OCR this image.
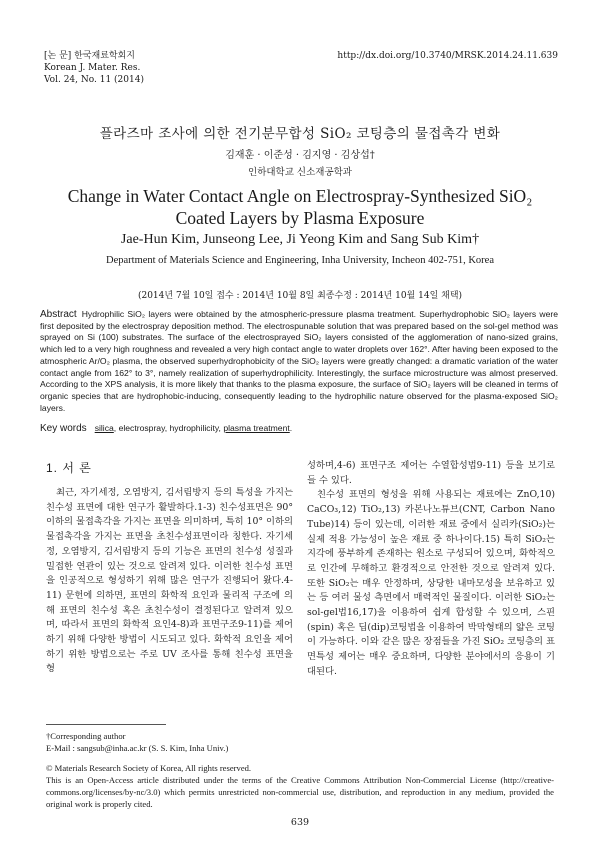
[논 문] 한국재료학회지
Korean J. Mater. Res.
Vol. 24, No. 11 (2014)
http://dx.doi.org/10.3740/MRSK.2014.24.11.639
플라즈마 조사에 의한 전기분무합성 SiO₂ 코팅층의 물접촉각 변화
김재훈 · 이준성 · 김지영 · 김상섭†
인하대학교 신소재공학과
Change in Water Contact Angle on Electrospray-Synthesized SiO₂
Coated Layers by Plasma Exposure
Jae-Hun Kim, Junseong Lee, Ji Yeong Kim and Sang Sub Kim†
Department of Materials Science and Engineering, Inha University, Incheon 402-751, Korea
(2014년 7월 10일 접수 : 2014년 10월 8일 최종수정 : 2014년 10월 14일 채택)
Abstract Hydrophilic SiO₂ layers were obtained by the atmospheric-pressure plasma treatment. Superhydrophobic SiO₂ layers were first deposited by the electrospray deposition method. The electrospunable solution that was prepared based on the sol-gel method was sprayed on Si (100) substrates. The surface of the electrosprayed SiO₂ layers consisted of the agglomeration of nano-sized grains, which led to a very high roughness and revealed a very high contact angle to water droplets over 162°. After having been exposed to the atmospheric Ar/O₂ plasma, the observed superhydrophobicity of the SiO₂ layers were greatly changed: a dramatic variation of the water contact angle from 162° to 3°, namely realization of superhydrophilicity. Interestingly, the surface microstructure was almost preserved. According to the XPS analysis, it is more likely that thanks to the plasma exposure, the surface of SiO₂ layers will be cleaned in terms of organic species that are hydrophobic-inducing, consequently leading to the hydrophilic nature observed for the plasma-exposed SiO₂ layers.
Key words silica, electrospray, hydrophilicity, plasma treatment.
1. 서 론
최근, 자기세정, 오염방지, 김서림방지 등의 특성을 가지는 친수성 표면에 대한 연구가 활발하다.1-3) 친수성표면은 90° 이하의 물접촉각을 가지는 표면을 의미하며, 특히 10° 이하의 물접촉각을 가지는 표면을 초친수성표면이라 칭한다. 자기세정, 오염방지, 김서림방지 등의 기능은 표면의 친수성 성질과 밀접한 연관이 있는 것으로 알려져 있다. 이러한 친수성 표면을 인공적으로 형성하기 위해 많은 연구가 진행되어 왔다.4-11) 문헌에 의하면, 표면의 화학적 요인과 물리적 구조에 의해 표면의 친수성 혹은 초친수성이 결정된다고 알려져 있으며, 따라서 표면의 화학적 요인4-8)과 표면구조9-11)를 제어하기 위해 다양한 방법이 시도되고 있다. 화학적 요인을 제어하기 위한 방법으로는 주로 UV 조사를 통해 친수성 표면을 형

성하며,4-6) 표면구조 제어는 수열합성법9-11) 등을 보기로 들 수 있다.

친수성 표면의 형성을 위해 사용되는 재료에는 ZnO,10) CaCO₃,12) TiO₂,13) 카본나노튜브(CNT, Carbon Nano Tube)14) 등이 있는데, 이러한 재료 중에서 실리카(SiO₂)는 실제 적용 가능성이 높은 재료 중 하나이다.15) 특히 SiO₂는 지각에 풍부하게 존재하는 원소로 구성되어 있으며, 화학적으로 인간에 무해하고 환경적으로 안전한 것으로 알려져 있다. 또한 SiO₂는 매우 안정하며, 상당한 내마모성을 보유하고 있는 등 여러 물성 측면에서 매력적인 물질이다. 이러한 SiO₂는 sol-gel법16,17)을 이용하여 쉽게 합성할 수 있으며, 스핀(spin) 혹은 딥(dip)코팅법을 이용하여 박막형태의 얇은 코팅이 가능하다. 이와 같은 많은 장점들을 가진 SiO₂ 코팅층의 표면특성 제어는 매우 중요하며, 다양한 분야에서의 응용이 기대된다.

†Corresponding author
E-Mail : sangsub@inha.ac.kr (S. S. Kim, Inha Univ.)
© Materials Research Society of Korea, All rights reserved.
This is an Open-Access article distributed under the terms of the Creative Commons Attribution Non-Commercial License (http://creative-commons.org/licenses/by-nc/3.0) which permits unrestricted non-commercial use, distribution, and reproduction in any medium, provided the original work is properly cited.
639
